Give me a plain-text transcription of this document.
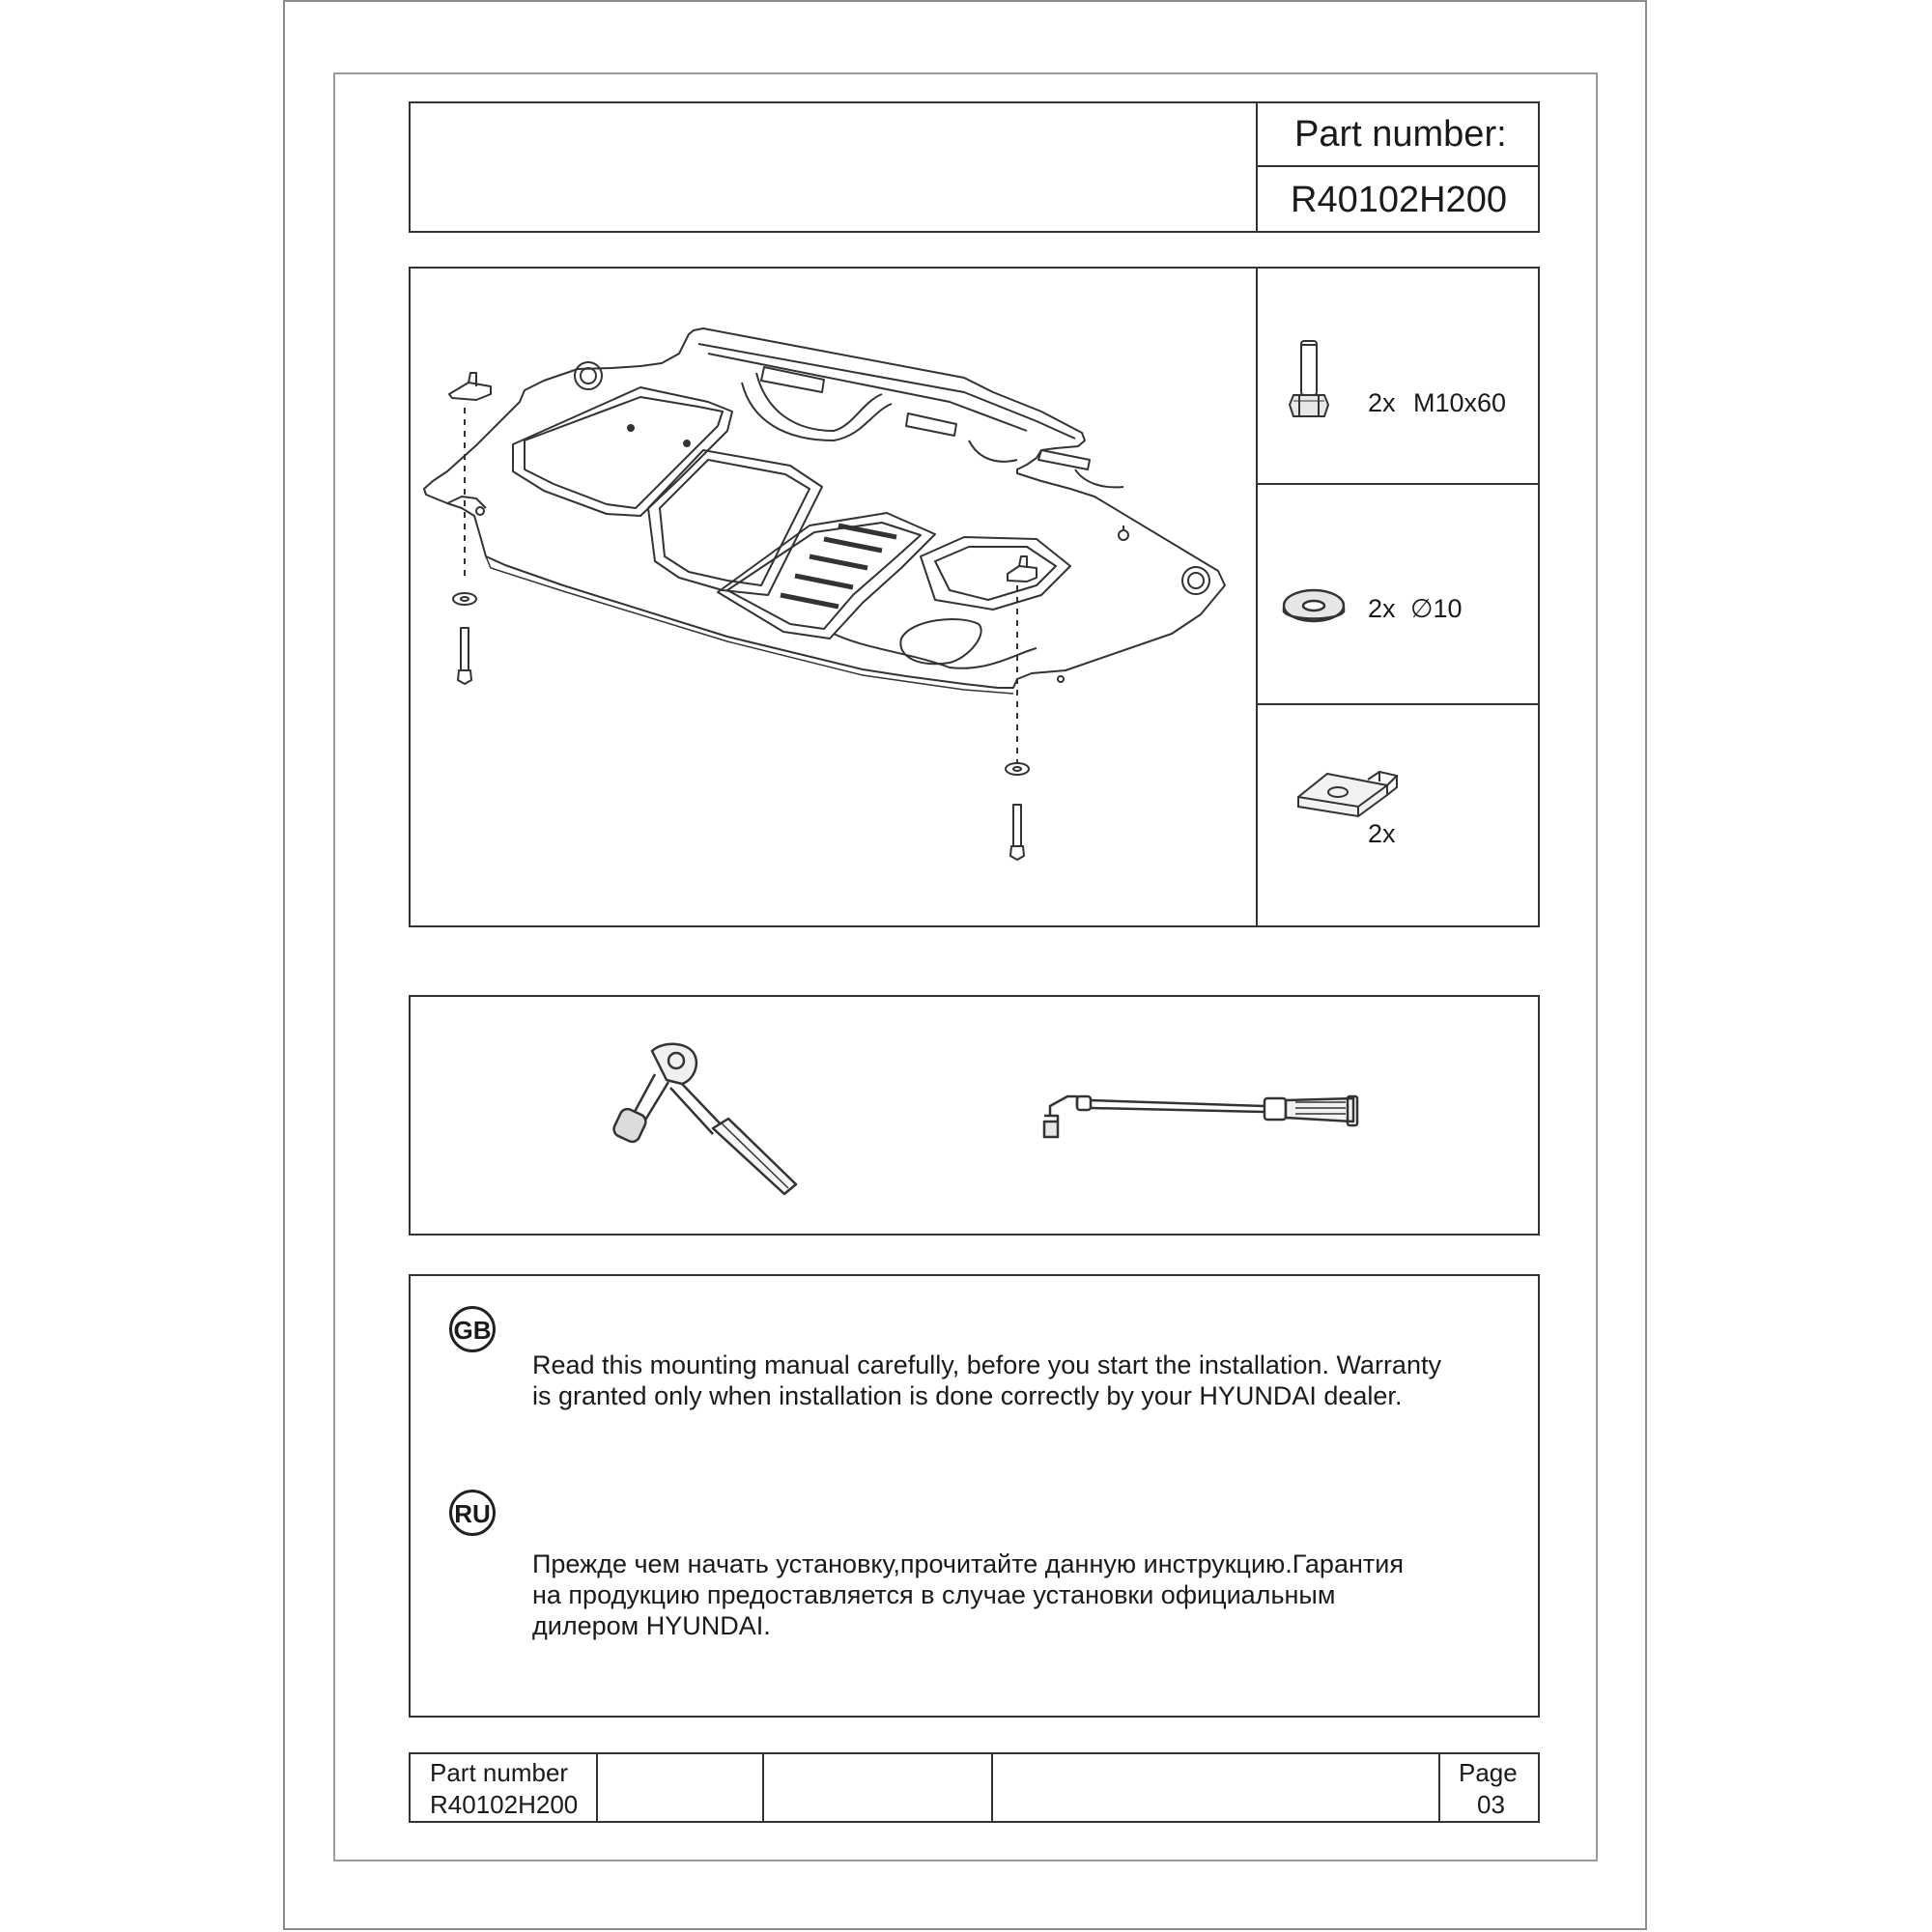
Part number:
R40102H200
2x M10x60
2x ∅10
2x
GB
Read this mounting manual carefully, before you start the installation. Warranty
is granted only when installation is done correctly by your HYUNDAI dealer.
RU
Прежде чем начать установку,прочитайте данную инструкцию.Гарантия
на продукцию предоставляется в случае установки официальным
дилером HYUNDAI.
Part number
R40102H200
Page
03
